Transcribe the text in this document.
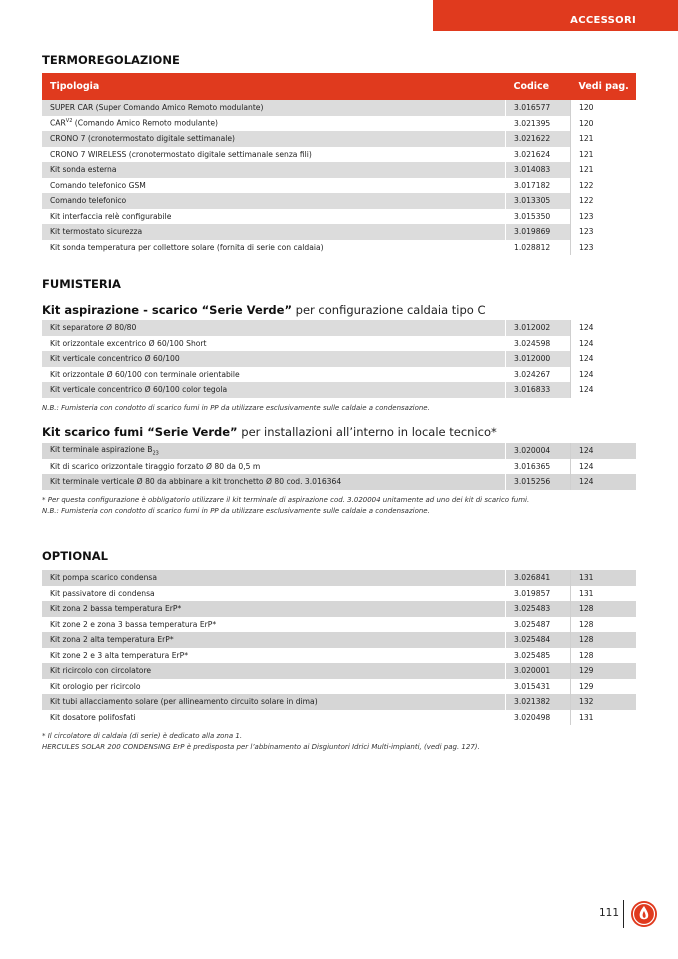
ACCESSORI
TERMOREGOLAZIONE
Tipologia	Codice	Vedi pag.
SUPER CAR (Super Comando Amico Remoto modulante)	3.016577	120
$CAR^{V2}$ (Comando Amico Remoto modulante)	3.021395	120
CRONO 7 (cronotermostato digitale settimanale)	3.021622	121
CRONO 7 WIRELESS (cronotermostato digitale settimanale senza fili)	3.021624	121
Kit sonda esterna	3.014083	121
Comando telefonico GSM	3.017182	122
Comando telefonico	3.013305	122
Kit interfaccia relè configurabile	3.015350	123
Kit termostato sicurezza	3.019869	123
Kit sonda temperatura per collettore solare (fornita di serie con caldaia)	1.028812	123
FUMISTERIA
Kit aspirazione - scarico “Serie Verde” per configurazione caldaia tipo C
Kit separatore Ø 80/80	3.012002	124
Kit orizzontale excentrico Ø 60/100 Short	3.024598	124
Kit verticale concentrico Ø 60/100	3.012000	124
Kit orizzontale Ø 60/100 con terminale orientabile	3.024267	124
Kit verticale concentrico Ø 60/100 color tegola	3.016833	124
N.B.: Fumisteria con condotto di scarico fumi in PP da utilizzare esclusivamente sulle caldaie a condensazione.
Kit scarico fumi “Serie Verde” per installazioni all’interno in locale tecnico*
Kit terminale aspirazione $B_{23}$	3.020004	124
Kit di scarico orizzontale tiraggio forzato Ø 80 da 0,5 m	3.016365	124
Kit terminale verticale Ø 80 da abbinare a kit tronchetto Ø 80 cod. 3.016364	3.015256	124
* Per questa configurazione è obbligatorio utilizzare il kit terminale di aspirazione cod. 3.020004 unitamente ad uno dei kit di scarico fumi.
N.B.: Fumisteria con condotto di scarico fumi in PP da utilizzare esclusivamente sulle caldaie a condensazione.
OPTIONAL
Kit pompa scarico condensa	3.026841	131
Kit passivatore di condensa	3.019857	131
Kit zona 2 bassa temperatura ErP*	3.025483	128
Kit zone 2 e zona 3 bassa temperatura ErP*	3.025487	128
Kit zona 2 alta temperatura ErP*	3.025484	128
Kit zone 2 e 3 alta temperatura ErP*	3.025485	128
Kit ricircolo con circolatore	3.020001	129
Kit orologio per ricircolo	3.015431	129
Kit tubi allacciamento solare (per allineamento circuito solare in dima)	3.021382	132
Kit dosatore polifosfati	3.020498	131
* Il circolatore di caldaia (di serie) è dedicato alla zona 1.
HERCULES SOLAR 200 CONDENSING ErP è predisposta per l’abbinamento ai Disgiuntori Idrici Multi-impianti, (vedi pag. 127).
111
